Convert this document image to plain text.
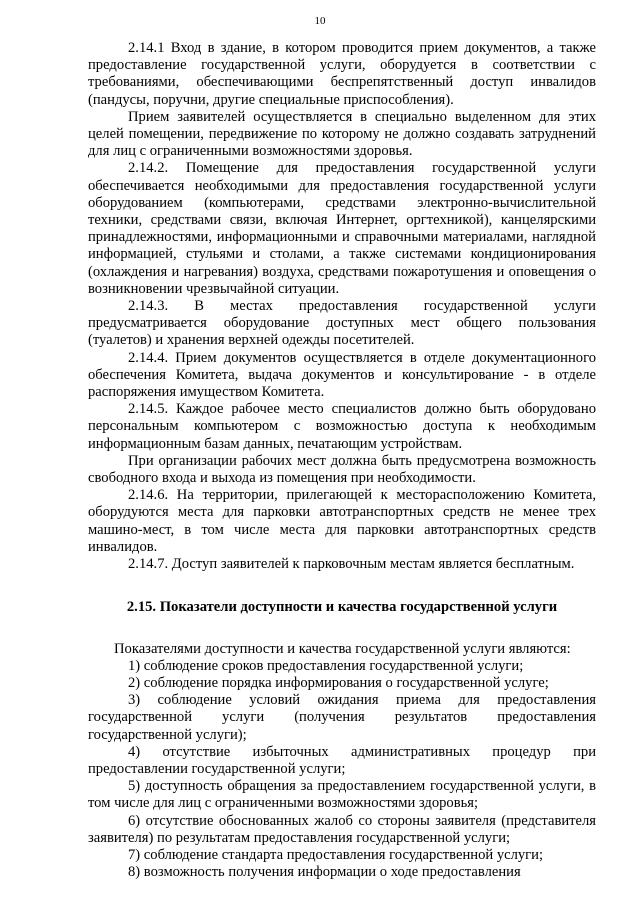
10

2.14.1 Вход в здание, в котором проводится прием документов, а также предоставление государственной услуги, оборудуется в соответствии с требованиями, обеспечивающими беспрепятственный доступ инвалидов (пандусы, поручни, другие специальные приспособления).

Прием заявителей осуществляется в специально выделенном для этих целей помещении, передвижение по которому не должно создавать затруднений для лиц с ограниченными возможностями здоровья.

2.14.2. Помещение для предоставления государственной услуги обеспечивается необходимыми для предоставления государственной услуги оборудованием (компьютерами, средствами электронно-вычислительной техники, средствами связи, включая Интернет, оргтехникой), канцелярскими принадлежностями, информационными и справочными материалами, наглядной информацией, стульями и столами, а также системами кондиционирования (охлаждения и нагревания) воздуха, средствами пожаротушения и оповещения о возникновении чрезвычайной ситуации.

2.14.3. В местах предоставления государственной услуги предусматривается оборудование доступных мест общего пользования (туалетов) и хранения верхней одежды посетителей.

2.14.4. Прием документов осуществляется в отделе документационного обеспечения Комитета, выдача документов и консультирование - в отделе распоряжения имуществом Комитета.

2.14.5. Каждое рабочее место специалистов должно быть оборудовано персональным компьютером с возможностью доступа к необходимым информационным базам данных, печатающим устройствам.

При организации рабочих мест должна быть предусмотрена возможность свободного входа и выхода из помещения при необходимости.

2.14.6. На территории, прилегающей к месторасположению Комитета, оборудуются места для парковки автотранспортных средств не менее трех машино-мест, в том числе места для парковки автотранспортных средств инвалидов.

2.14.7. Доступ заявителей к парковочным местам является бесплатным.

2.15. Показатели доступности и качества государственной услуги

Показателями доступности и качества государственной услуги являются:

1) соблюдение сроков предоставления государственной услуги;

2) соблюдение порядка информирования о государственной услуге;

3) соблюдение условий ожидания приема для предоставления государственной услуги (получения результатов предоставления государственной услуги);

4) отсутствие избыточных административных процедур при предоставлении государственной услуги;

5) доступность обращения за предоставлением государственной услуги, в том числе для лиц с ограниченными возможностями здоровья;

6) отсутствие обоснованных жалоб со стороны заявителя (представителя заявителя) по результатам предоставления государственной услуги;

7) соблюдение стандарта предоставления государственной услуги;

8) возможность получения информации о ходе предоставления
